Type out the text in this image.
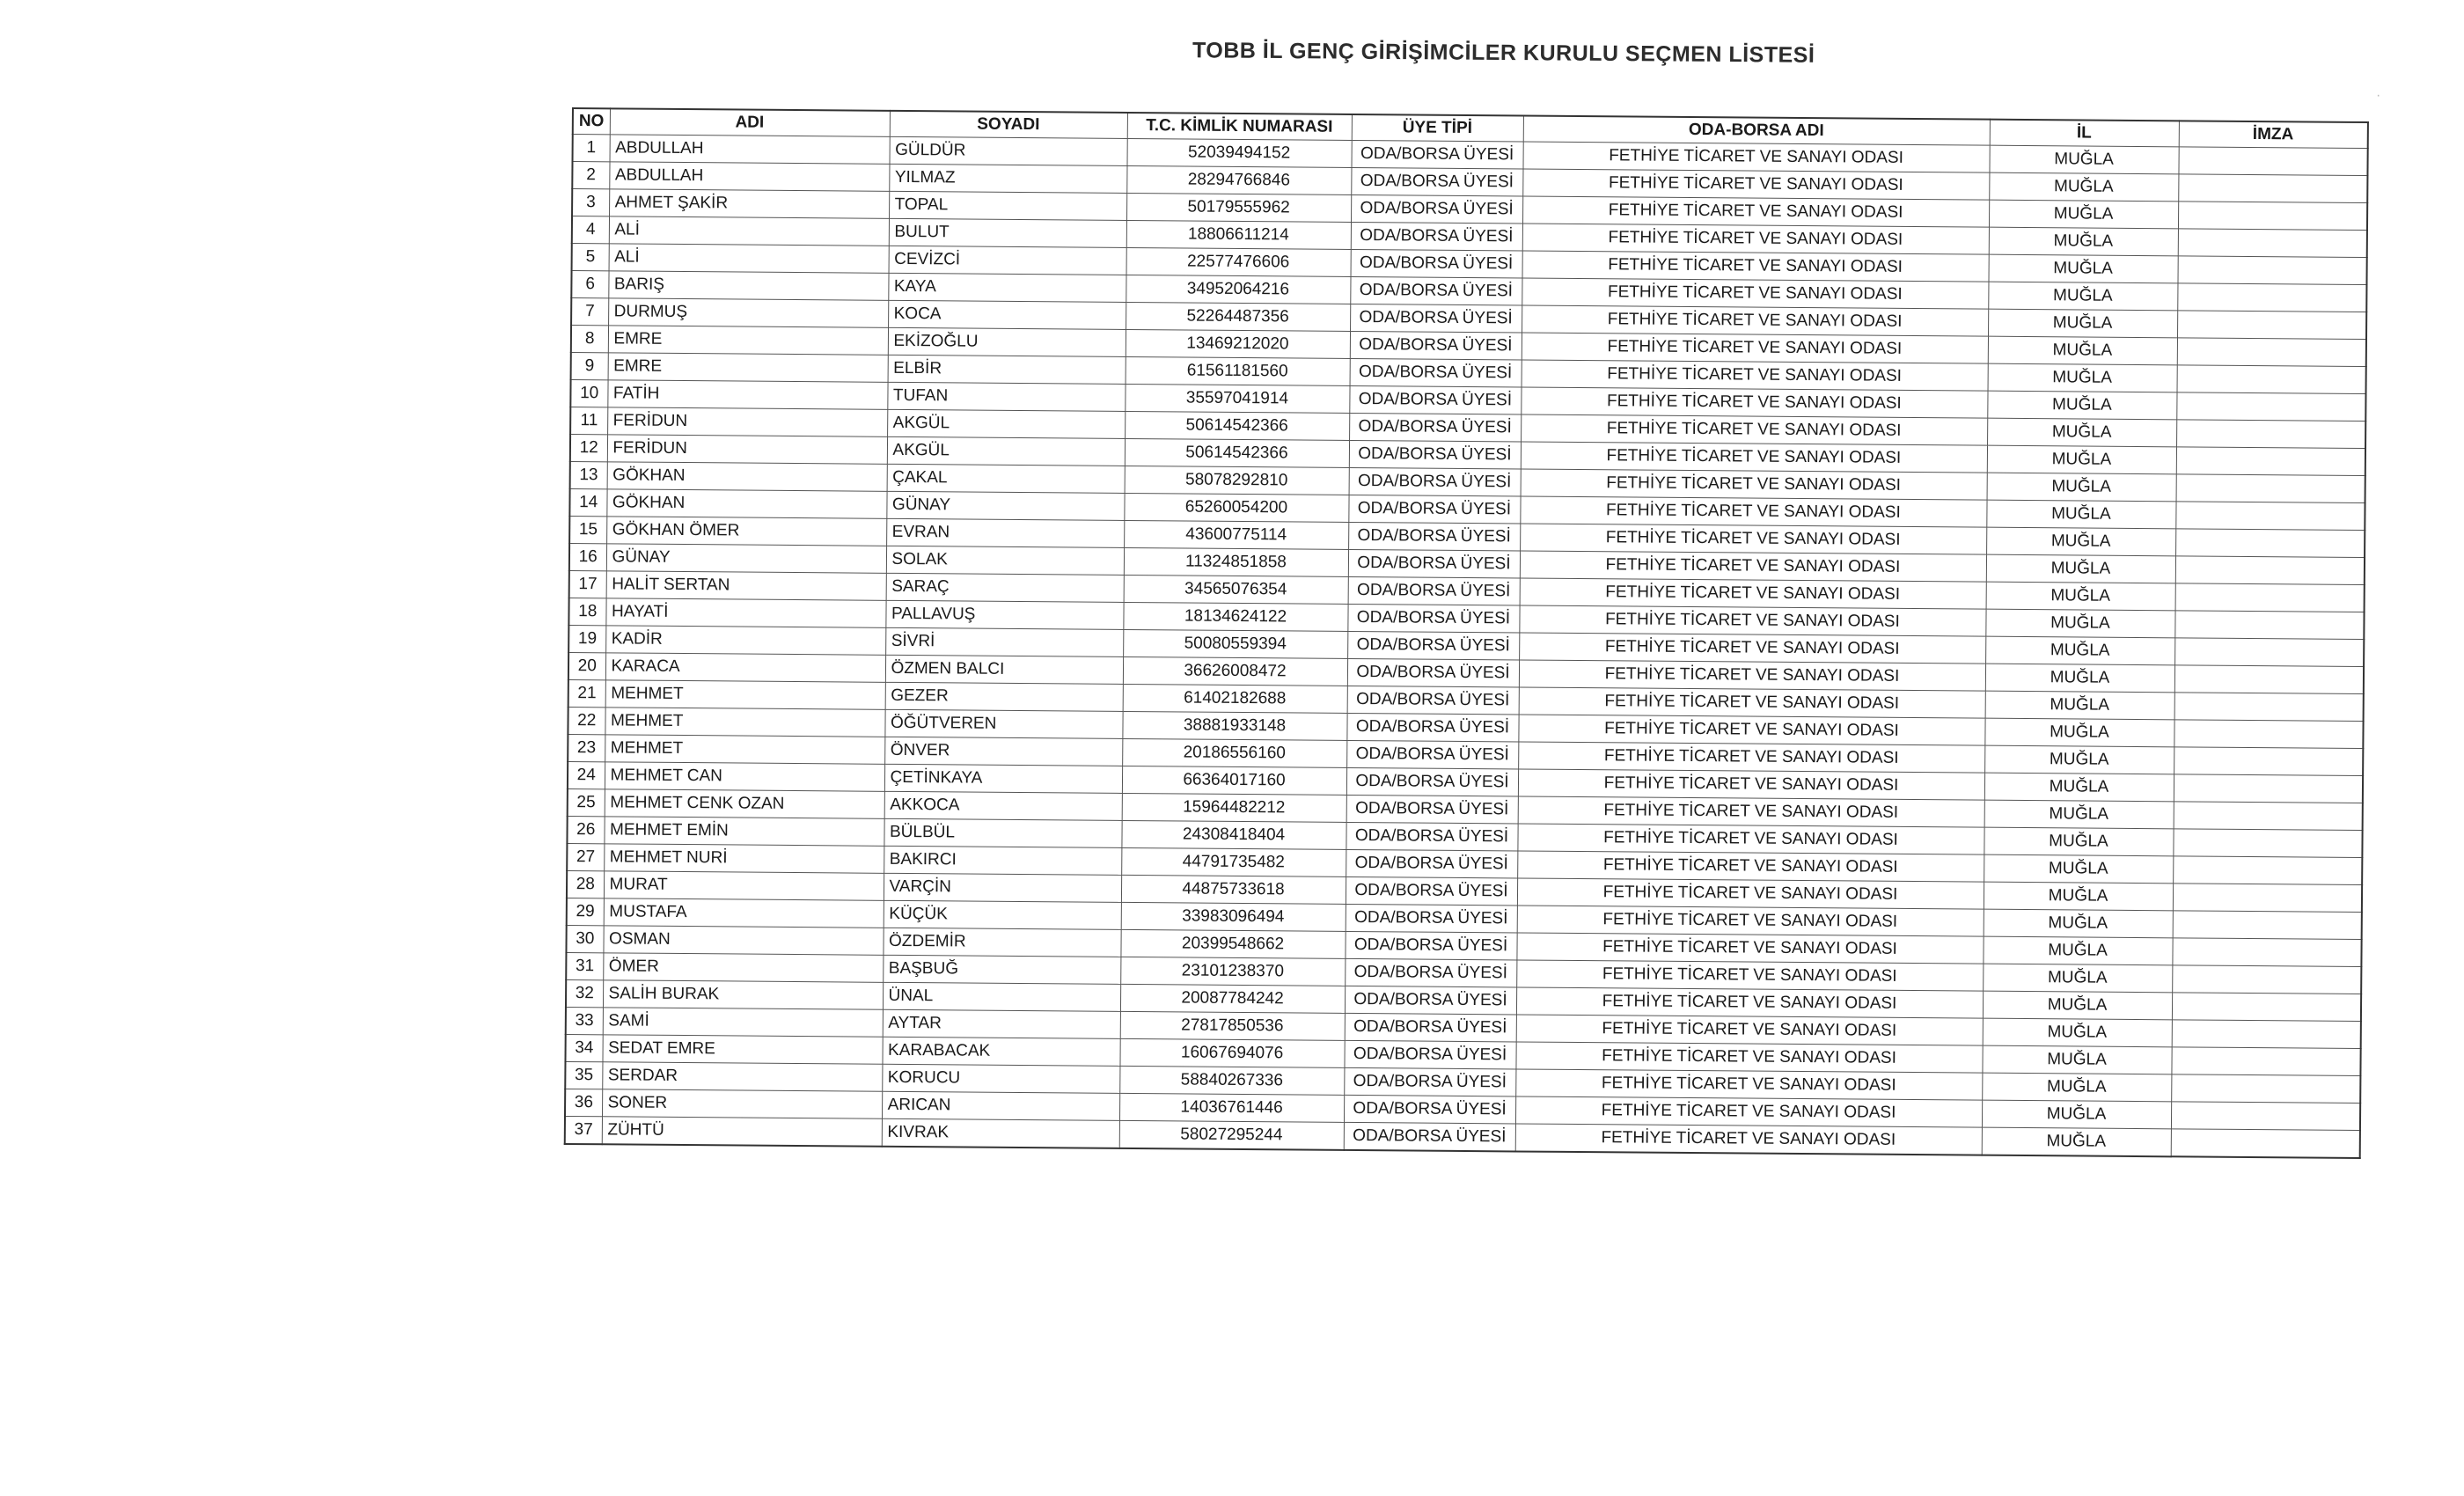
TOBB İL GENÇ GİRİŞİMCİLER KURULU SEÇMEN LİSTESİ
NO	ADI	SOYADI	T.C. KİMLİK NUMARASI	ÜYE TİPİ	ODA-BORSA ADI	İL	İMZA
1	ABDULLAH	GÜLDÜR	52039494152	ODA/BORSA ÜYESİ	FETHİYE TİCARET VE SANAYI ODASI	MUĞLA	
2	ABDULLAH	YILMAZ	28294766846	ODA/BORSA ÜYESİ	FETHİYE TİCARET VE SANAYI ODASI	MUĞLA	
3	AHMET ŞAKİR	TOPAL	50179555962	ODA/BORSA ÜYESİ	FETHİYE TİCARET VE SANAYI ODASI	MUĞLA	
4	ALİ	BULUT	18806611214	ODA/BORSA ÜYESİ	FETHİYE TİCARET VE SANAYI ODASI	MUĞLA	
5	ALİ	CEVİZCİ	22577476606	ODA/BORSA ÜYESİ	FETHİYE TİCARET VE SANAYI ODASI	MUĞLA	
6	BARIŞ	KAYA	34952064216	ODA/BORSA ÜYESİ	FETHİYE TİCARET VE SANAYI ODASI	MUĞLA	
7	DURMUŞ	KOCA	52264487356	ODA/BORSA ÜYESİ	FETHİYE TİCARET VE SANAYI ODASI	MUĞLA	
8	EMRE	EKİZOĞLU	13469212020	ODA/BORSA ÜYESİ	FETHİYE TİCARET VE SANAYI ODASI	MUĞLA	
9	EMRE	ELBİR	61561181560	ODA/BORSA ÜYESİ	FETHİYE TİCARET VE SANAYI ODASI	MUĞLA	
10	FATİH	TUFAN	35597041914	ODA/BORSA ÜYESİ	FETHİYE TİCARET VE SANAYI ODASI	MUĞLA	
11	FERİDUN	AKGÜL	50614542366	ODA/BORSA ÜYESİ	FETHİYE TİCARET VE SANAYI ODASI	MUĞLA	
12	FERİDUN	AKGÜL	50614542366	ODA/BORSA ÜYESİ	FETHİYE TİCARET VE SANAYI ODASI	MUĞLA	
13	GÖKHAN	ÇAKAL	58078292810	ODA/BORSA ÜYESİ	FETHİYE TİCARET VE SANAYI ODASI	MUĞLA	
14	GÖKHAN	GÜNAY	65260054200	ODA/BORSA ÜYESİ	FETHİYE TİCARET VE SANAYI ODASI	MUĞLA	
15	GÖKHAN ÖMER	EVRAN	43600775114	ODA/BORSA ÜYESİ	FETHİYE TİCARET VE SANAYI ODASI	MUĞLA	
16	GÜNAY	SOLAK	11324851858	ODA/BORSA ÜYESİ	FETHİYE TİCARET VE SANAYI ODASI	MUĞLA	
17	HALİT SERTAN	SARAÇ	34565076354	ODA/BORSA ÜYESİ	FETHİYE TİCARET VE SANAYI ODASI	MUĞLA	
18	HAYATİ	PALLAVUŞ	18134624122	ODA/BORSA ÜYESİ	FETHİYE TİCARET VE SANAYI ODASI	MUĞLA	
19	KADİR	SİVRİ	50080559394	ODA/BORSA ÜYESİ	FETHİYE TİCARET VE SANAYI ODASI	MUĞLA	
20	KARACA	ÖZMEN BALCI	36626008472	ODA/BORSA ÜYESİ	FETHİYE TİCARET VE SANAYI ODASI	MUĞLA	
21	MEHMET	GEZER	61402182688	ODA/BORSA ÜYESİ	FETHİYE TİCARET VE SANAYI ODASI	MUĞLA	
22	MEHMET	ÖĞÜTVEREN	38881933148	ODA/BORSA ÜYESİ	FETHİYE TİCARET VE SANAYI ODASI	MUĞLA	
23	MEHMET	ÖNVER	20186556160	ODA/BORSA ÜYESİ	FETHİYE TİCARET VE SANAYI ODASI	MUĞLA	
24	MEHMET CAN	ÇETİNKAYA	66364017160	ODA/BORSA ÜYESİ	FETHİYE TİCARET VE SANAYI ODASI	MUĞLA	
25	MEHMET CENK OZAN	AKKOCA	15964482212	ODA/BORSA ÜYESİ	FETHİYE TİCARET VE SANAYI ODASI	MUĞLA	
26	MEHMET EMİN	BÜLBÜL	24308418404	ODA/BORSA ÜYESİ	FETHİYE TİCARET VE SANAYI ODASI	MUĞLA	
27	MEHMET NURİ	BAKIRCI	44791735482	ODA/BORSA ÜYESİ	FETHİYE TİCARET VE SANAYI ODASI	MUĞLA	
28	MURAT	VARÇİN	44875733618	ODA/BORSA ÜYESİ	FETHİYE TİCARET VE SANAYI ODASI	MUĞLA	
29	MUSTAFA	KÜÇÜK	33983096494	ODA/BORSA ÜYESİ	FETHİYE TİCARET VE SANAYI ODASI	MUĞLA	
30	OSMAN	ÖZDEMİR	20399548662	ODA/BORSA ÜYESİ	FETHİYE TİCARET VE SANAYI ODASI	MUĞLA	
31	ÖMER	BAŞBUĞ	23101238370	ODA/BORSA ÜYESİ	FETHİYE TİCARET VE SANAYI ODASI	MUĞLA	
32	SALİH BURAK	ÜNAL	20087784242	ODA/BORSA ÜYESİ	FETHİYE TİCARET VE SANAYI ODASI	MUĞLA	
33	SAMİ	AYTAR	27817850536	ODA/BORSA ÜYESİ	FETHİYE TİCARET VE SANAYI ODASI	MUĞLA	
34	SEDAT EMRE	KARABACAK	16067694076	ODA/BORSA ÜYESİ	FETHİYE TİCARET VE SANAYI ODASI	MUĞLA	
35	SERDAR	KORUCU	58840267336	ODA/BORSA ÜYESİ	FETHİYE TİCARET VE SANAYI ODASI	MUĞLA	
36	SONER	ARICAN	14036761446	ODA/BORSA ÜYESİ	FETHİYE TİCARET VE SANAYI ODASI	MUĞLA	
37	ZÜHTÜ	KIVRAK	58027295244	ODA/BORSA ÜYESİ	FETHİYE TİCARET VE SANAYI ODASI	MUĞLA	
·
